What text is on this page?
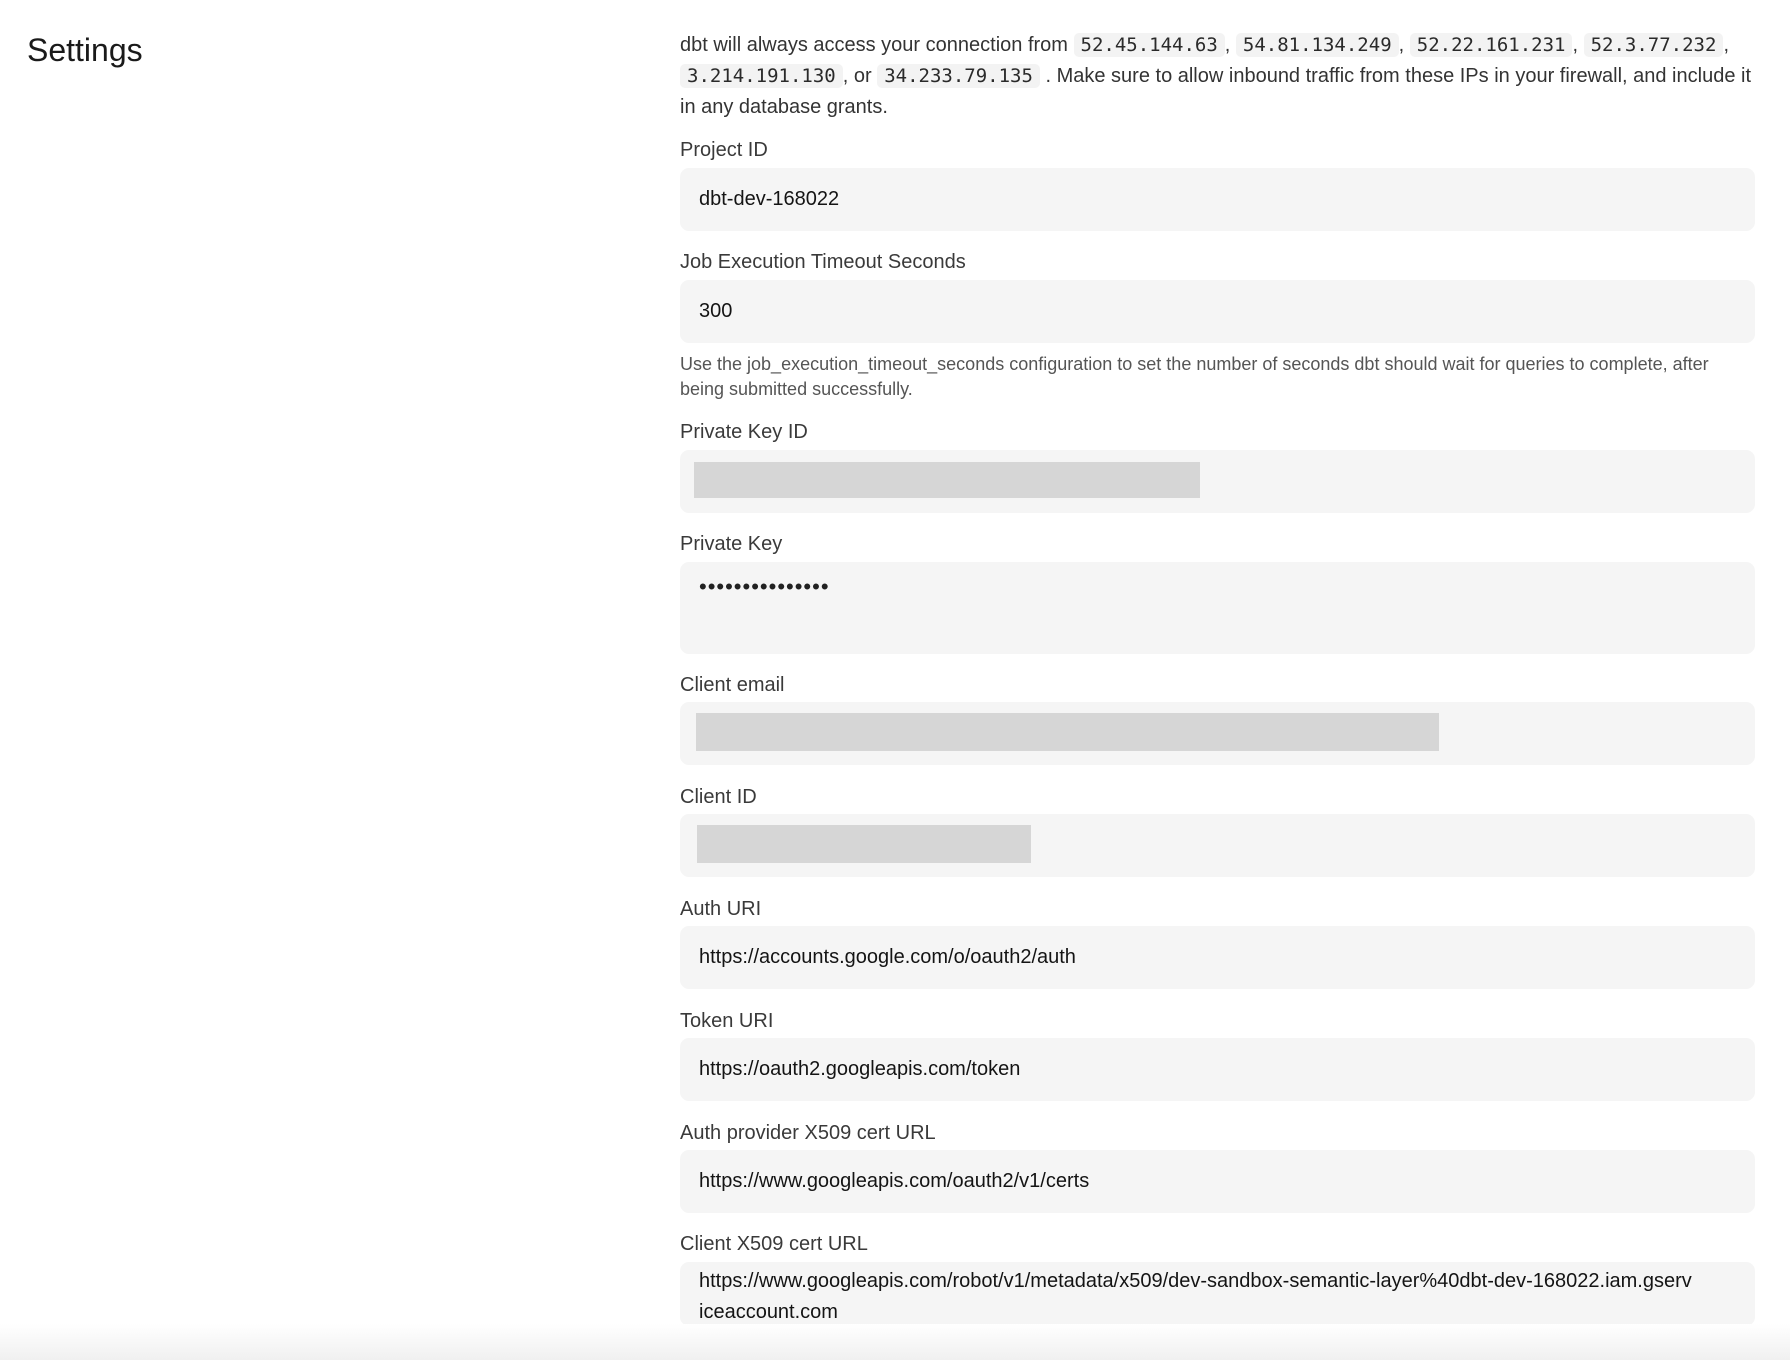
Settings	dbt will always access your connection from 52.45.144.63 , 54.81.134.249 , 52.22.161.231 , 52.3.77.232 , 3.214.191.130 , or 34.233.79.135 . Make sure to allow inbound traffic from these IPs in your firewall, and include it in any database grants.
Project ID
dbt-dev-168022
Job Execution Timeout Seconds
300
Use the job_execution_timeout_seconds configuration to set the number of seconds dbt should wait for queries to complete, after being submitted successfully.
Private Key ID
Private Key
•••••••••••••••
Client email
Client ID
Auth URI
https://accounts.google.com/o/oauth2/auth
Token URI
https://oauth2.googleapis.com/token
Auth provider X509 cert URL
https://www.googleapis.com/oauth2/v1/certs
Client X509 cert URL
https://www.googleapis.com/robot/v1/metadata/x509/dev-sandbox-semantic-layer%40dbt-dev-168022.iam.gserviceaccount.com
